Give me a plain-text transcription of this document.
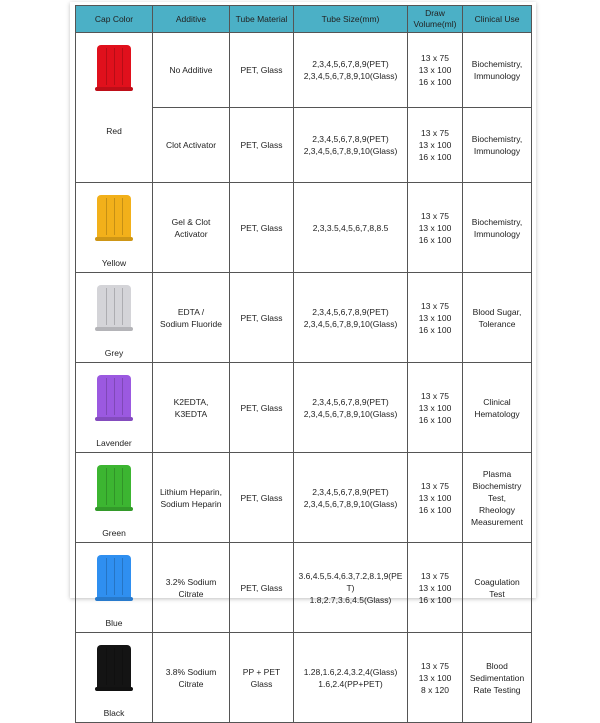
Cap Color	Additive	Tube Material	Tube Size(mm)	Draw
Volume(ml)	Clinical Use

Red	No Additive	PET, Glass	2,3,4,5,6,7,8,9(PET)
2,3,4,5,6,7,8,9,10(Glass)	13 x 75
13 x 100
16 x 100	Biochemistry,
Immunology
	Clot Activator	PET, Glass	2,3,4,5,6,7,8,9(PET)
2,3,4,5,6,7,8,9,10(Glass)	13 x 75
13 x 100
16 x 100	Biochemistry,
Immunology

Yellow	Gel & Clot Activator	PET, Glass	2,3,3.5,4,5,6,7,8,8.5	13 x 75
13 x 100
16 x 100	Biochemistry,
Immunology

Grey	EDTA /
Sodium Fluoride	PET, Glass	2,3,4,5,6,7,8,9(PET)
2,3,4,5,6,7,8,9,10(Glass)	13 x 75
13 x 100
16 x 100	Blood Sugar,
Tolerance

Lavender	K2EDTA,
K3EDTA	PET, Glass	2,3,4,5,6,7,8,9(PET)
2,3,4,5,6,7,8,9,10(Glass)	13 x 75
13 x 100
16 x 100	Clinical
Hematology

Green	Lithium Heparin,
Sodium Heparin	PET, Glass	2,3,4,5,6,7,8,9(PET)
2,3,4,5,6,7,8,9,10(Glass)	13 x 75
13 x 100
16 x 100	Plasma
Biochemistry
Test,
Rheology
Measurement

Blue	3.2% Sodium
Citrate	PET, Glass	3.6,4.5,5.4,6.3,7.2,8.1,9(PE
T)
1.8,2.7,3.6,4.5(Glass)	13 x 75
13 x 100
16 x 100	Coagulation
Test

Black	3.8% Sodium
Citrate	PP + PET
Glass	1.28,1.6,2.4,3.2,4(Glass)
1.6,2.4(PP+PET)	13 x 75
13 x 100
8 x 120	Blood
Sedimentation
Rate Testing
